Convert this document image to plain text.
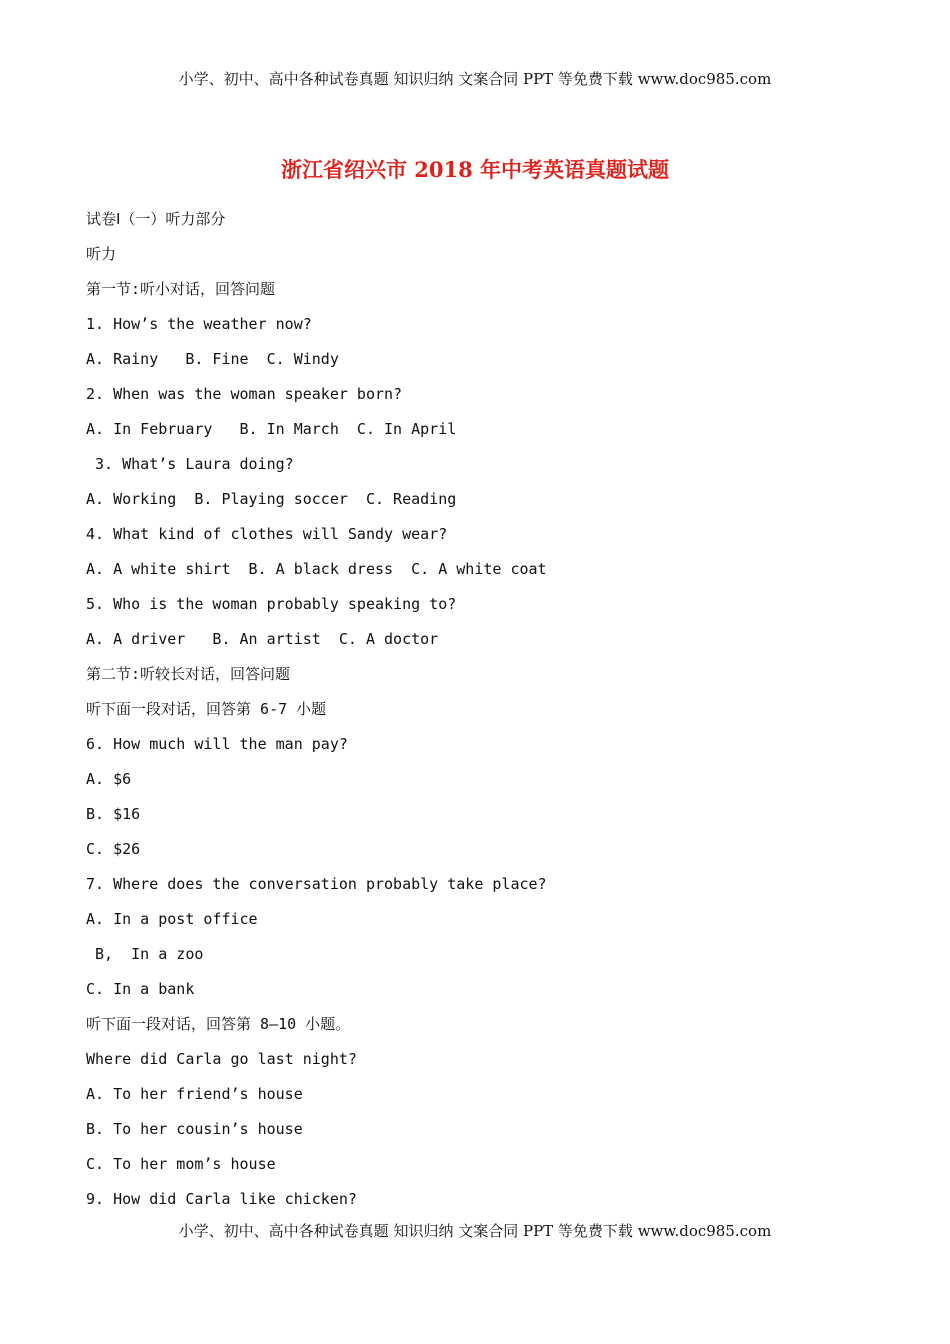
小学、初中、高中各种试卷真题 知识归纳 文案合同 PPT 等免费下载 www.doc985.com
浙江省绍兴市 2018 年中考英语真题试题
试卷Ⅰ（一）听力部分
听力
第一节:听小对话，回答问题
1. How’s the weather now?
A. Rainy   B. Fine  C. Windy
2. When was the woman speaker born?
A. In February   B. In March  C. In April
3. What’s Laura doing?
A. Working  B. Playing soccer  C. Reading
4. What kind of clothes will Sandy wear?
A. A white shirt  B. A black dress  C. A white coat
5. Who is the woman probably speaking to?
A. A driver   B. An artist  C. A doctor
第二节:听较长对话，回答问题
听下面一段对话，回答第 6-7 小题
6. How much will the man pay?
A. $6
B. $16
C. $26
7. Where does the conversation probably take place?
A. In a post office
B,  In a zoo
C. In a bank
听下面一段对话，回答第 8—10 小题。
Where did Carla go last night?
A. To her friend’s house
B. To her cousin’s house
C. To her mom’s house
9. How did Carla like chicken?
小学、初中、高中各种试卷真题 知识归纳 文案合同 PPT 等免费下载 www.doc985.com
